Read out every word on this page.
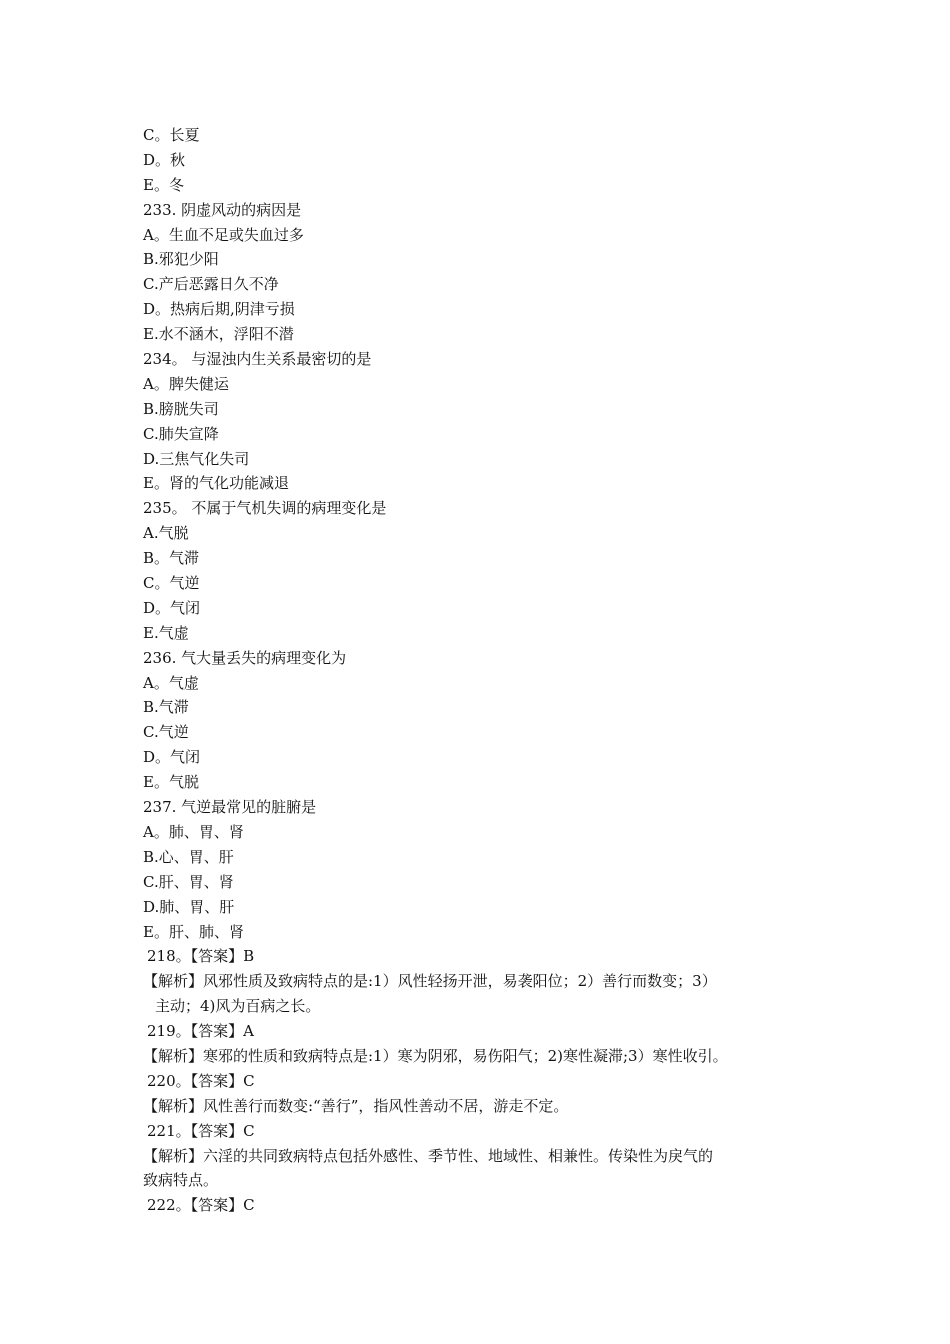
C。长夏
D。秋
E。冬
233. 阴虚风动的病因是
A。生血不足或失血过多
B.邪犯少阳
C.产后恶露日久不净
D。热病后期,阴津亏损
E.水不涵木，浮阳不潜
234。 与湿浊内生关系最密切的是
A。脾失健运
B.膀胱失司
C.肺失宣降
D.三焦气化失司
E。肾的气化功能减退
235。 不属于气机失调的病理变化是
A.气脱
B。气滞
C。气逆
D。气闭
E.气虚
236. 气大量丢失的病理变化为
A。气虚
B.气滞
C.气逆
D。气闭
E。气脱
237. 气逆最常见的脏腑是
A。肺、胃、肾
B.心、胃、肝
C.肝、胃、肾
D.肺、胃、肝
E。肝、肺、肾
218。【答案】B
【解析】风邪性质及致病特点的是:1）风性轻扬开泄，易袭阳位；2）善行而数变；3）
主动；4)风为百病之长。
219。【答案】A
【解析】寒邪的性质和致病特点是:1）寒为阴邪，易伤阳气；2)寒性凝滞;3）寒性收引。
220。【答案】C
【解析】风性善行而数变:“善行”，指风性善动不居，游走不定。
221。【答案】C
【解析】六淫的共同致病特点包括外感性、季节性、地域性、相兼性。传染性为戾气的
致病特点。
222。【答案】C
